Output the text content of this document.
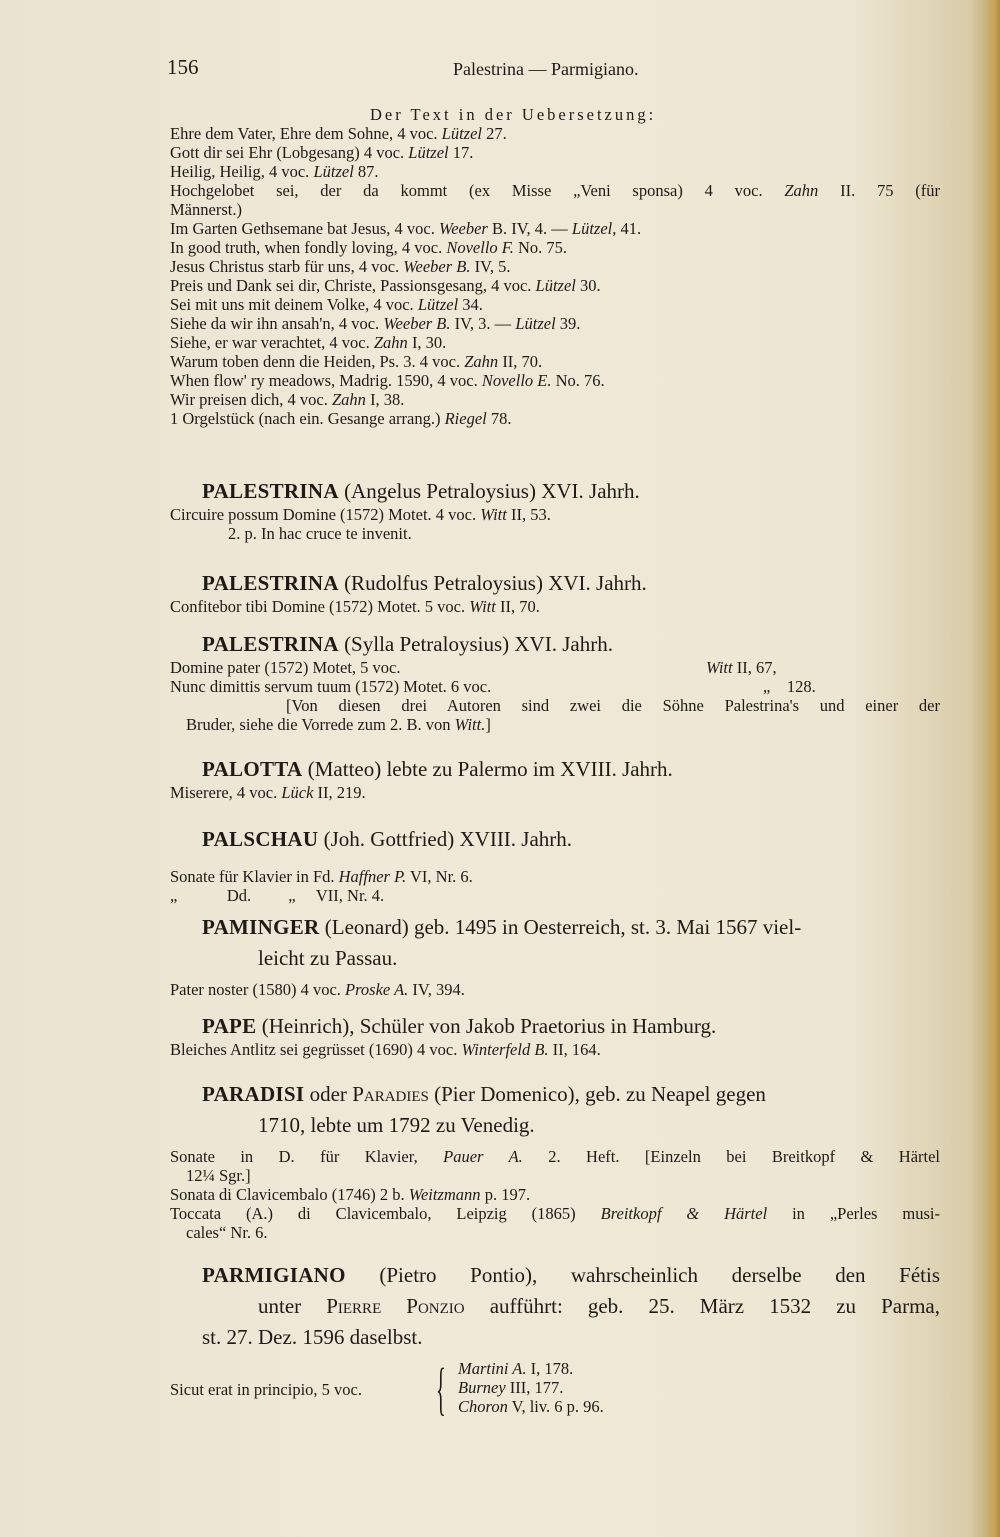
156	Palestrina — Parmigiano.
Der Text in der Uebersetzung:
Ehre dem Vater, Ehre dem Sohne, 4 voc. Lützel 27.
Gott dir sei Ehr (Lobgesang) 4 voc. Lützel 17.
Heilig, Heilig, 4 voc. Lützel 87.
Hochgelobet sei, der da kommt (ex Misse „Veni sponsa) 4 voc. Zahn II. 75 (für
Männerst.)
Im Garten Gethsemane bat Jesus, 4 voc. Weeber B. IV, 4. — Lützel, 41.
In good truth, when fondly loving, 4 voc. Novello F. No. 75.
Jesus Christus starb für uns, 4 voc. Weeber B. IV, 5.
Preis und Dank sei dir, Christe, Passionsgesang, 4 voc. Lützel 30.
Sei mit uns mit deinem Volke, 4 voc. Lützel 34.
Siehe da wir ihn ansah'n, 4 voc. Weeber B. IV, 3. — Lützel 39.
Siehe, er war verachtet, 4 voc. Zahn I, 30.
Warum toben denn die Heiden, Ps. 3. 4 voc. Zahn II, 70.
When flow' ry meadows, Madrig. 1590, 4 voc. Novello E. No. 76.
Wir preisen dich, 4 voc. Zahn I, 38.
1 Orgelstück (nach ein. Gesange arrang.) Riegel 78.
PALESTRINA (Angelus Petraloysius) XVI. Jahrh.
Circuire possum Domine (1572) Motet. 4 voc. Witt II, 53.
2. p. In hac cruce te invenit.
PALESTRINA (Rudolfus Petraloysius) XVI. Jahrh.
Confitebor tibi Domine (1572) Motet. 5 voc. Witt II, 70.
PALESTRINA (Sylla Petraloysius) XVI. Jahrh.
Domine pater (1572) Motet, 5 voc.	Witt II, 67,
Nunc dimittis servum tuum (1572) Motet. 6 voc.	„    128.
[Von diesen drei Autoren sind zwei die Söhne Palestrina's und einer der
Bruder, siehe die Vorrede zum 2. B. von Witt.]
PALOTTA (Matteo) lebte zu Palermo im XVIII. Jahrh.
Miserere, 4 voc. Lück II, 219.
PALSCHAU (Joh. Gottfried) XVIII. Jahrh.
Sonate für Klavier in Fd. Haffner P. VI, Nr. 6.
„            Dd.         „     VII, Nr. 4.
PAMINGER (Leonard) geb. 1495 in Oesterreich, st. 3. Mai 1567 viel-
leicht zu Passau.
Pater noster (1580) 4 voc. Proske A. IV, 394.
PAPE (Heinrich), Schüler von Jakob Praetorius in Hamburg.
Bleiches Antlitz sei gegrüsset (1690) 4 voc. Winterfeld B. II, 164.
PARADISI oder Paradies (Pier Domenico), geb. zu Neapel gegen
1710, lebte um 1792 zu Venedig.
Sonate in D. für Klavier, Pauer A. 2. Heft. [Einzeln bei Breitkopf & Härtel
12¼ Sgr.]
Sonata di Clavicembalo (1746) 2 b. Weitzmann p. 197.
Toccata (A.) di Clavicembalo, Leipzig (1865) Breitkopf & Härtel in „Perles musi-
cales“ Nr. 6.
PARMIGIANO (Pietro Pontio), wahrscheinlich derselbe den Fétis
unter Pierre Ponzio aufführt: geb. 25. März 1532 zu Parma,
st. 27. Dez. 1596 daselbst.
Sicut erat in principio, 5 voc. { Martini A. I, 178.
Burney III, 177.
Choron V, liv. 6 p. 96.
